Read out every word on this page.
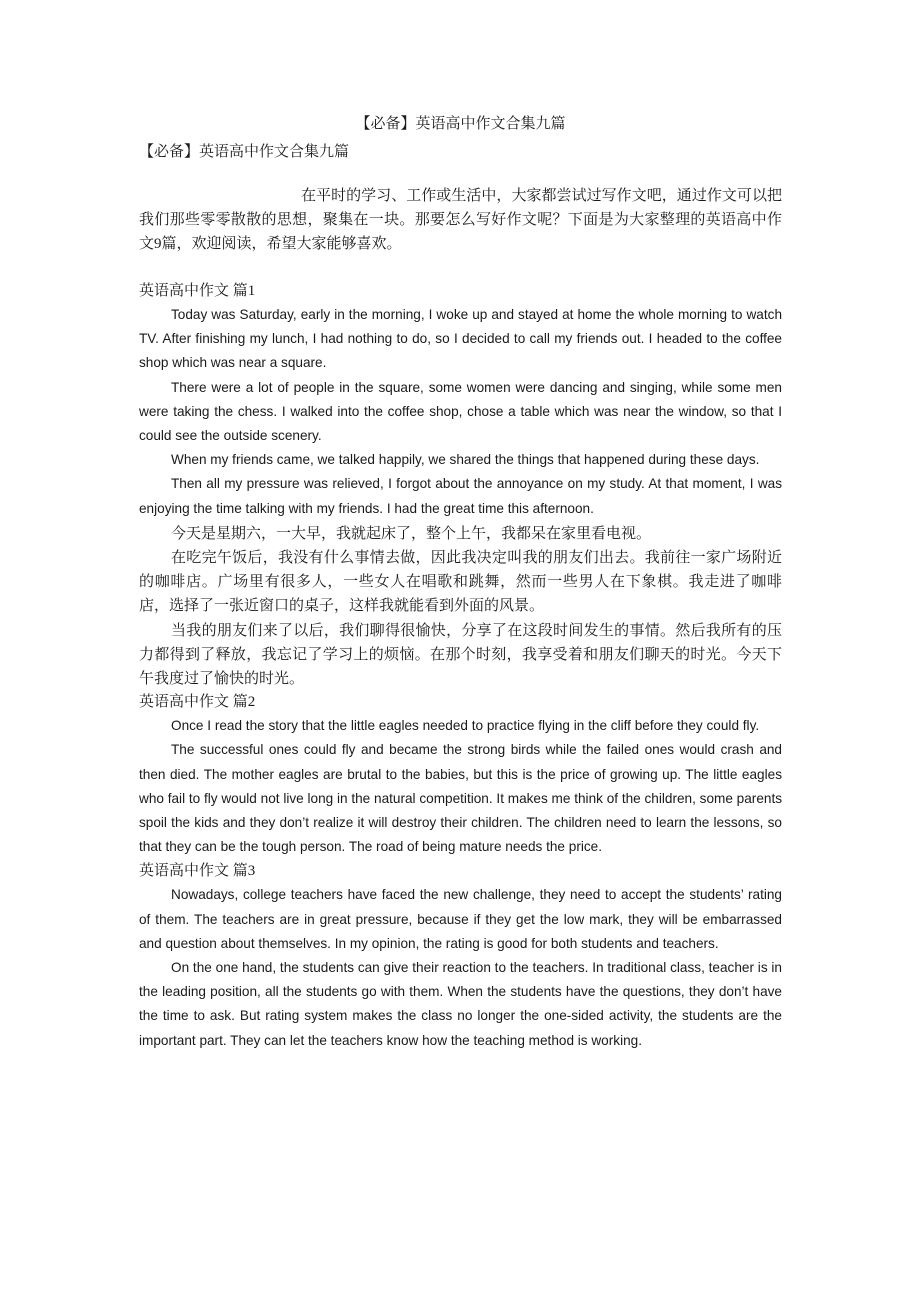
【必备】英语高中作文合集九篇

【必备】英语高中作文合集九篇

在平时的学习、工作或生活中，大家都尝试过写作文吧，通过作文可以把我们那些零零散散的思想，聚集在一块。那要怎么写好作文呢？下面是为大家整理的英语高中作文9篇，欢迎阅读，希望大家能够喜欢。

英语高中作文 篇1

Today was Saturday, early in the morning, I woke up and stayed at home the whole morning to watch TV. After finishing my lunch, I had nothing to do, so I decided to call my friends out. I headed to the coffee shop which was near a square.

There were a lot of people in the square, some women were dancing and singing, while some men were taking the chess. I walked into the coffee shop, chose a table which was near the window, so that I could see the outside scenery.

When my friends came, we talked happily, we shared the things that happened during these days.

Then all my pressure was relieved, I forgot about the annoyance on my study. At that moment, I was enjoying the time talking with my friends. I had the great time this afternoon.

今天是星期六，一大早，我就起床了，整个上午，我都呆在家里看电视。

在吃完午饭后，我没有什么事情去做，因此我决定叫我的朋友们出去。我前往一家广场附近的咖啡店。广场里有很多人，一些女人在唱歌和跳舞，然而一些男人在下象棋。我走进了咖啡店，选择了一张近窗口的桌子，这样我就能看到外面的风景。

当我的朋友们来了以后，我们聊得很愉快，分享了在这段时间发生的事情。然后我所有的压力都得到了释放，我忘记了学习上的烦恼。在那个时刻，我享受着和朋友们聊天的时光。今天下午我度过了愉快的时光。

英语高中作文 篇2

Once I read the story that the little eagles needed to practice flying in the cliff before they could fly.

The successful ones could fly and became the strong birds while the failed ones would crash and then died. The mother eagles are brutal to the babies, but this is the price of growing up. The little eagles who fail to fly would not live long in the natural competition. It makes me think of the children, some parents spoil the kids and they don’t realize it will destroy their children. The children need to learn the lessons, so that they can be the tough person. The road of being mature needs the price.

英语高中作文 篇3

Nowadays, college teachers have faced the new challenge, they need to accept the students’ rating of them. The teachers are in great pressure, because if they get the low mark, they will be embarrassed and question about themselves. In my opinion, the rating is good for both students and teachers.

On the one hand, the students can give their reaction to the teachers. In traditional class, teacher is in the leading position, all the students go with them. When the students have the questions, they don’t have the time to ask. But rating system makes the class no longer the one-sided activity, the students are the important part. They can let the teachers know how the teaching method is working.
